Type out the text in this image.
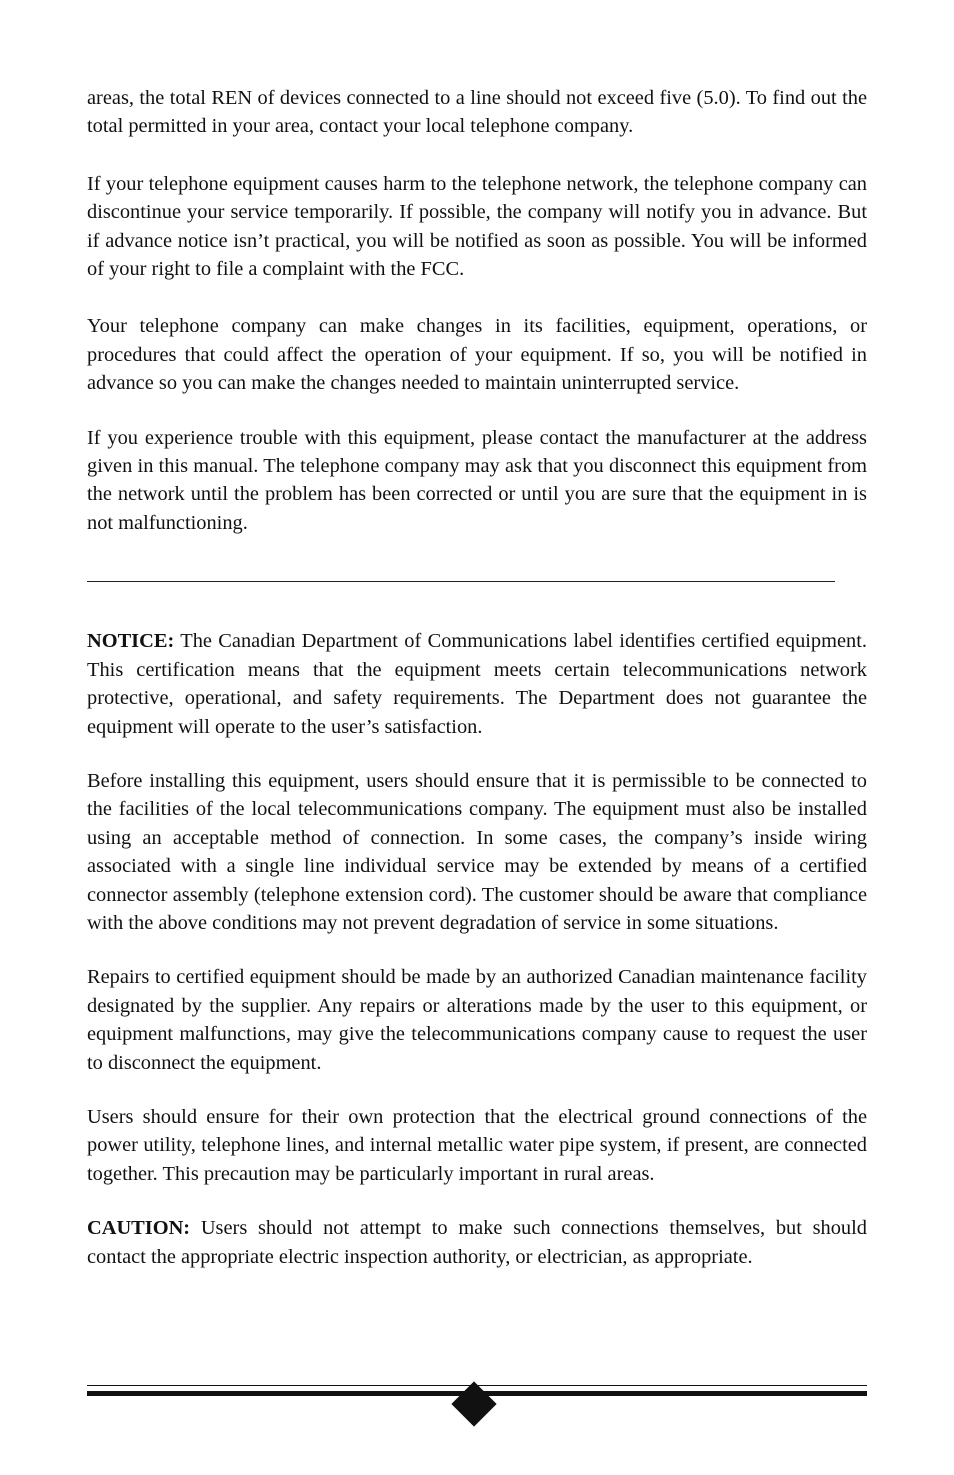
areas, the total REN of devices connected to a line should not exceed five (5.0). To find out the total permitted in your area, contact your local telephone company.

If your telephone equipment causes harm to the telephone network, the telephone company can discontinue your service temporarily. If possible, the company will notify you in advance. But if advance notice isn’t practical, you will be notified as soon as possible. You will be informed of your right to file a complaint with the FCC.

Your telephone company can make changes in its facilities, equipment, operations, or procedures that could affect the operation of your equipment. If so, you will be notified in advance so you can make the changes needed to maintain uninterrupted service.

If you experience trouble with this equipment, please contact the manufacturer at the address given in this manual. The telephone company may ask that you disconnect this equipment from the network until the problem has been corrected or until you are sure that the equipment in is not malfunctioning.

NOTICE: The Canadian Department of Communications label identifies certified equipment. This certification means that the equipment meets certain telecommunications network protective, operational, and safety requirements. The Department does not guarantee the equipment will operate to the user’s satisfaction.

Before installing this equipment, users should ensure that it is permissible to be connected to the facilities of the local telecommunications company. The equipment must also be installed using an acceptable method of connection. In some cases, the company’s inside wiring associated with a single line individual service may be extended by means of a certified connector assembly (telephone extension cord). The customer should be aware that compliance with the above conditions may not prevent degradation of service in some situations.

Repairs to certified equipment should be made by an authorized Canadian maintenance facility designated by the supplier. Any repairs or alterations made by the user to this equipment, or equipment malfunctions, may give the telecommunications company cause to request the user to disconnect the equipment.

Users should ensure for their own protection that the electrical ground connections of the power utility, telephone lines, and internal metallic water pipe system, if present, are connected together. This precaution may be particularly important in rural areas.

CAUTION: Users should not attempt to make such connections themselves, but should contact the appropriate electric inspection authority, or electrician, as appropriate.
